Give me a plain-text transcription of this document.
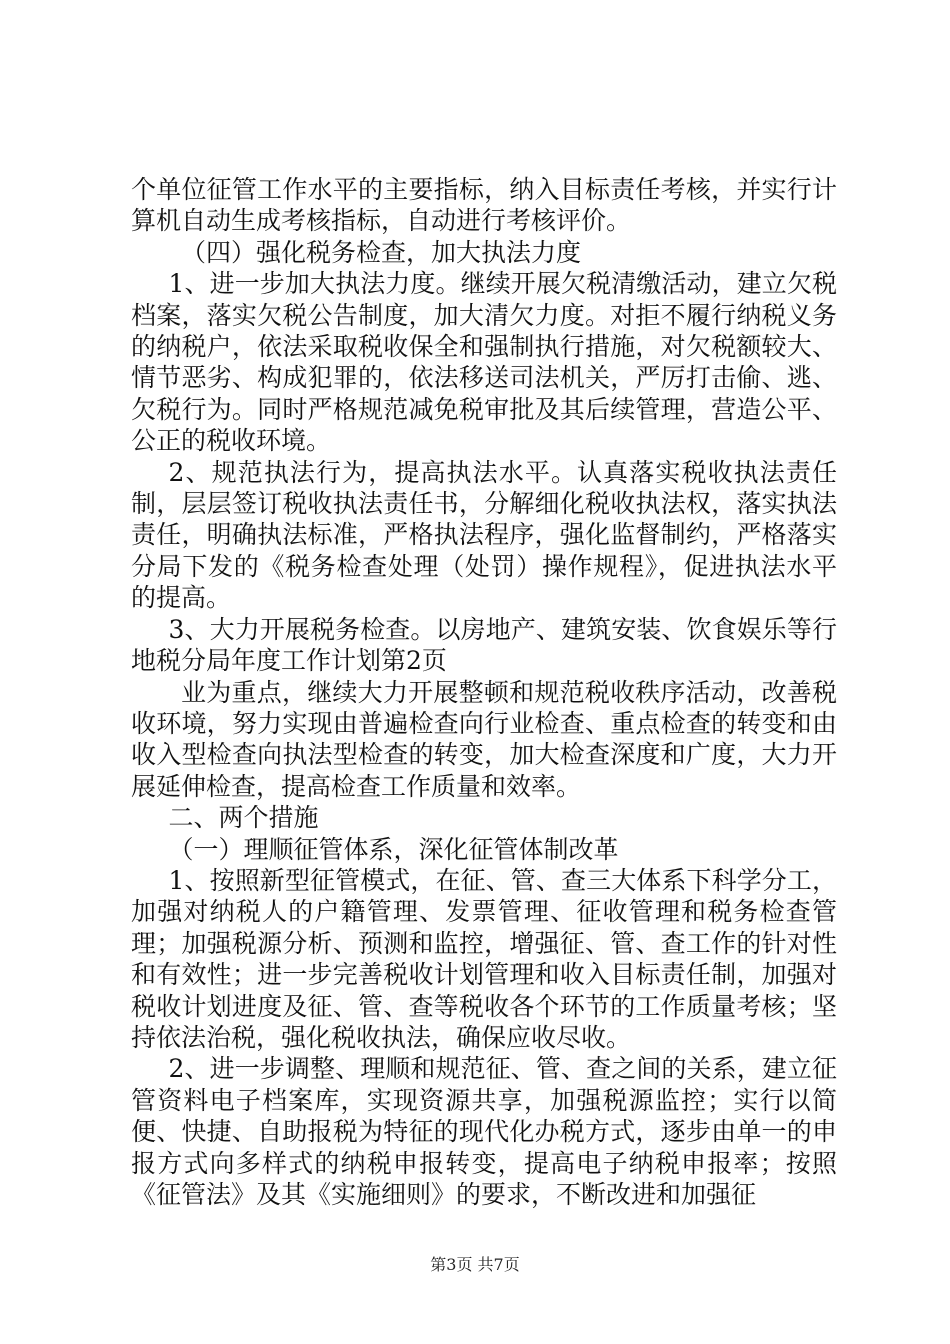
个单位征管工作水平的主要指标，纳入目标责任考核，并实行计算机自动生成考核指标，自动进行考核评价。

（四）强化税务检查，加大执法力度

1、进一步加大执法力度。继续开展欠税清缴活动，建立欠税档案，落实欠税公告制度，加大清欠力度。对拒不履行纳税义务的纳税户，依法采取税收保全和强制执行措施，对欠税额较大、情节恶劣、构成犯罪的，依法移送司法机关，严厉打击偷、逃、欠税行为。同时严格规范减免税审批及其后续管理，营造公平、公正的税收环境。

2、规范执法行为，提高执法水平。认真落实税收执法责任制，层层签订税收执法责任书，分解细化税收执法权，落实执法责任，明确执法标准，严格执法程序，强化监督制约，严格落实分局下发的《税务检查处理（处罚）操作规程》，促进执法水平的提高。

3、大力开展税务检查。以房地产、建筑安装、饮食娱乐等行地税分局年度工作计划第2页

业为重点，继续大力开展整顿和规范税收秩序活动，改善税收环境，努力实现由普遍检查向行业检查、重点检查的转变和由收入型检查向执法型检查的转变，加大检查深度和广度，大力开展延伸检查，提高检查工作质量和效率。

二、两个措施

（一）理顺征管体系，深化征管体制改革

1、按照新型征管模式，在征、管、查三大体系下科学分工，加强对纳税人的户籍管理、发票管理、征收管理和税务检查管理；加强税源分析、预测和监控，增强征、管、查工作的针对性和有效性；进一步完善税收计划管理和收入目标责任制，加强对税收计划进度及征、管、查等税收各个环节的工作质量考核；坚持依法治税，强化税收执法，确保应收尽收。

2、进一步调整、理顺和规范征、管、查之间的关系，建立征管资料电子档案库，实现资源共享，加强税源监控；实行以简便、快捷、自助报税为特征的现代化办税方式，逐步由单一的申报方式向多样式的纳税申报转变，提高电子纳税申报率；按照《征管法》及其《实施细则》的要求，不断改进和加强征

第3页 共7页
